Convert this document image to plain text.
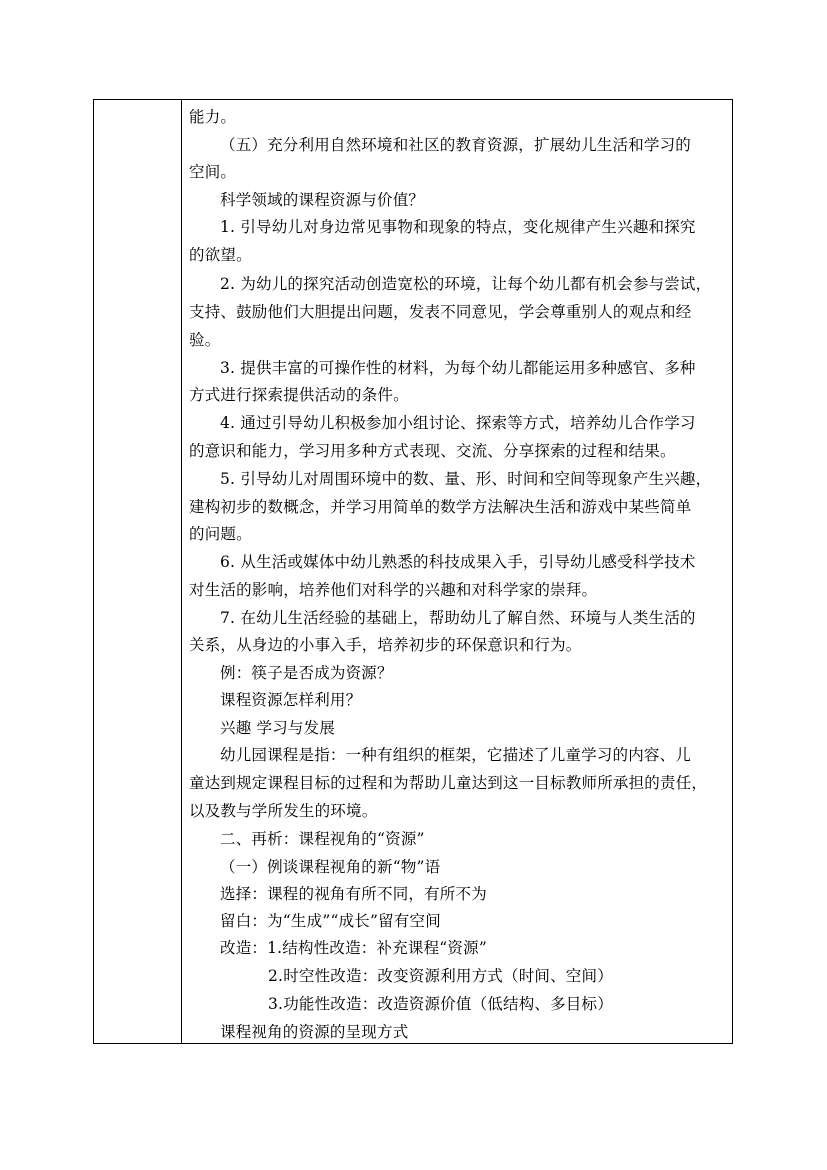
能力。
（五）充分利用自然环境和社区的教育资源，扩展幼儿生活和学习的
空间。
科学领域的课程资源与价值？
1. 引导幼儿对身边常见事物和现象的特点，变化规律产生兴趣和探究
的欲望。
2. 为幼儿的探究活动创造宽松的环境，让每个幼儿都有机会参与尝试，
支持、鼓励他们大胆提出问题，发表不同意见，学会尊重别人的观点和经
验。
3. 提供丰富的可操作性的材料，为每个幼儿都能运用多种感官、多种
方式进行探索提供活动的条件。
4. 通过引导幼儿积极参加小组讨论、探索等方式，培养幼儿合作学习
的意识和能力，学习用多种方式表现、交流、分享探索的过程和结果。
5. 引导幼儿对周围环境中的数、量、形、时间和空间等现象产生兴趣，
建构初步的数概念，并学习用简单的数学方法解决生活和游戏中某些简单
的问题。
6. 从生活或媒体中幼儿熟悉的科技成果入手，引导幼儿感受科学技术
对生活的影响，培养他们对科学的兴趣和对科学家的崇拜。
7. 在幼儿生活经验的基础上，帮助幼儿了解自然、环境与人类生活的
关系，从身边的小事入手，培养初步的环保意识和行为。
例：筷子是否成为资源？
课程资源怎样利用？
兴趣 学习与发展
幼儿园课程是指：一种有组织的框架，它描述了儿童学习的内容、儿
童达到规定课程目标的过程和为帮助儿童达到这一目标教师所承担的责任，
以及教与学所发生的环境。
二、再析：课程视角的“资源”
（一）例谈课程视角的新“物”语
选择：课程的视角有所不同，有所不为
留白：为“生成”“成长”留有空间
改造：1.结构性改造：补充课程“资源”
2.时空性改造：改变资源利用方式（时间、空间）
3.功能性改造：改造资源价值（低结构、多目标）
课程视角的资源的呈现方式
